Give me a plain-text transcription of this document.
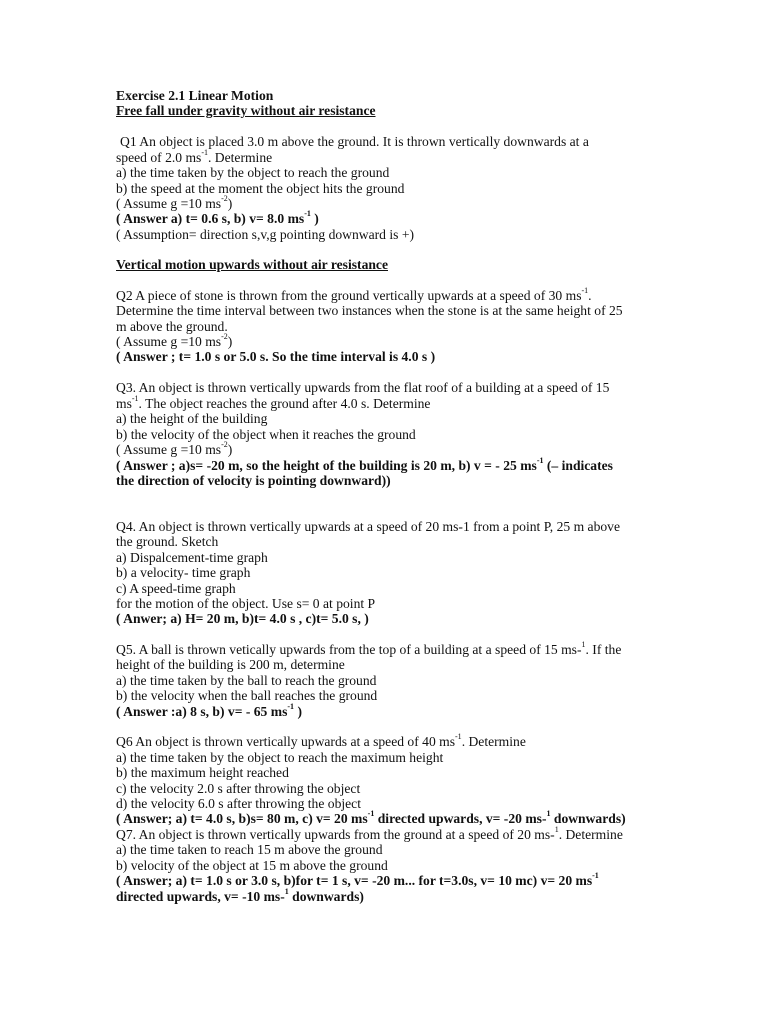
Exercise 2.1 Linear Motion
Free fall under gravity without air resistance
Q1 An object is placed 3.0 m above the ground. It is thrown vertically downwards at a
speed of 2.0 $ms^{-1}$. Determine
a) the time taken by the object to reach the ground
b) the speed at the moment the object hits the ground
( Assume g =10 $ms^{-2}$)
( Answer a) t= 0.6 s, b) v= 8.0 $ms^{-1}$ )
( Assumption= direction s,v,g pointing downward is +)
Vertical motion upwards without air resistance
Q2 A piece of stone is thrown from the ground vertically upwards at a speed of 30 $ms^{-1}$.
Determine the time interval between two instances when the stone is at the same height of 25
m above the ground.
( Assume g =10 $ms^{-2}$)
( Answer ; t= 1.0 s or 5.0 s. So the time interval is 4.0 s )
Q3. An object is thrown vertically upwards from the flat roof of a building at a speed of 15
$ms^{-1}$. The object reaches the ground after 4.0 s. Determine
a) the height of the building
b) the velocity of the object when it reaches the ground
( Assume g =10 $ms^{-2}$)
( Answer ; a)s= -20 m, so the height of the building is 20 m, b) v = - 25 $ms^{-1}$ (– indicates
the direction of velocity is pointing downward))
Q4. An object is thrown vertically upwards at a speed of 20 ms-1 from a point P, 25 m above
the ground. Sketch
a) Dispalcement-time graph
b) a velocity- time graph
c) A speed-time graph
for the motion of the object. Use s= 0 at point P
( Anwer; a) H= 20 m, b)t= 4.0 s , c)t= 5.0 s, )
Q5. A ball is thrown vetically upwards from the top of a building at a speed of 15 ms-$^1$. If the
height of the building is 200 m, determine
a) the time taken by the ball to reach the ground
b) the velocity when the ball reaches the ground
( Answer :a) 8 s, b) v= - 65 $ms^{-1}$ )
Q6 An object is thrown vertically upwards at a speed of 40 $ms^{-1}$. Determine
a) the time taken by the object to reach the maximum height
b) the maximum height reached
c) the velocity 2.0 s after throwing the object
d) the velocity 6.0 s after throwing the object
( Answer; a) t= 4.0 s, b)s= 80 m, c) v= 20 $ms^{-1}$ directed upwards, v= -20 ms-$^1$ downwards)
Q7. An object is thrown vertically upwards from the ground at a speed of 20 ms-$^1$. Determine
a) the time taken to reach 15 m above the ground
b) velocity of the object at 15 m above the ground
( Answer; a) t= 1.0 s or 3.0 s, b)for t= 1 s, v= -20 m... for t=3.0s, v= 10 mc) v= 20 $ms^{-1}$
directed upwards, v= -10 ms-$^1$ downwards)
